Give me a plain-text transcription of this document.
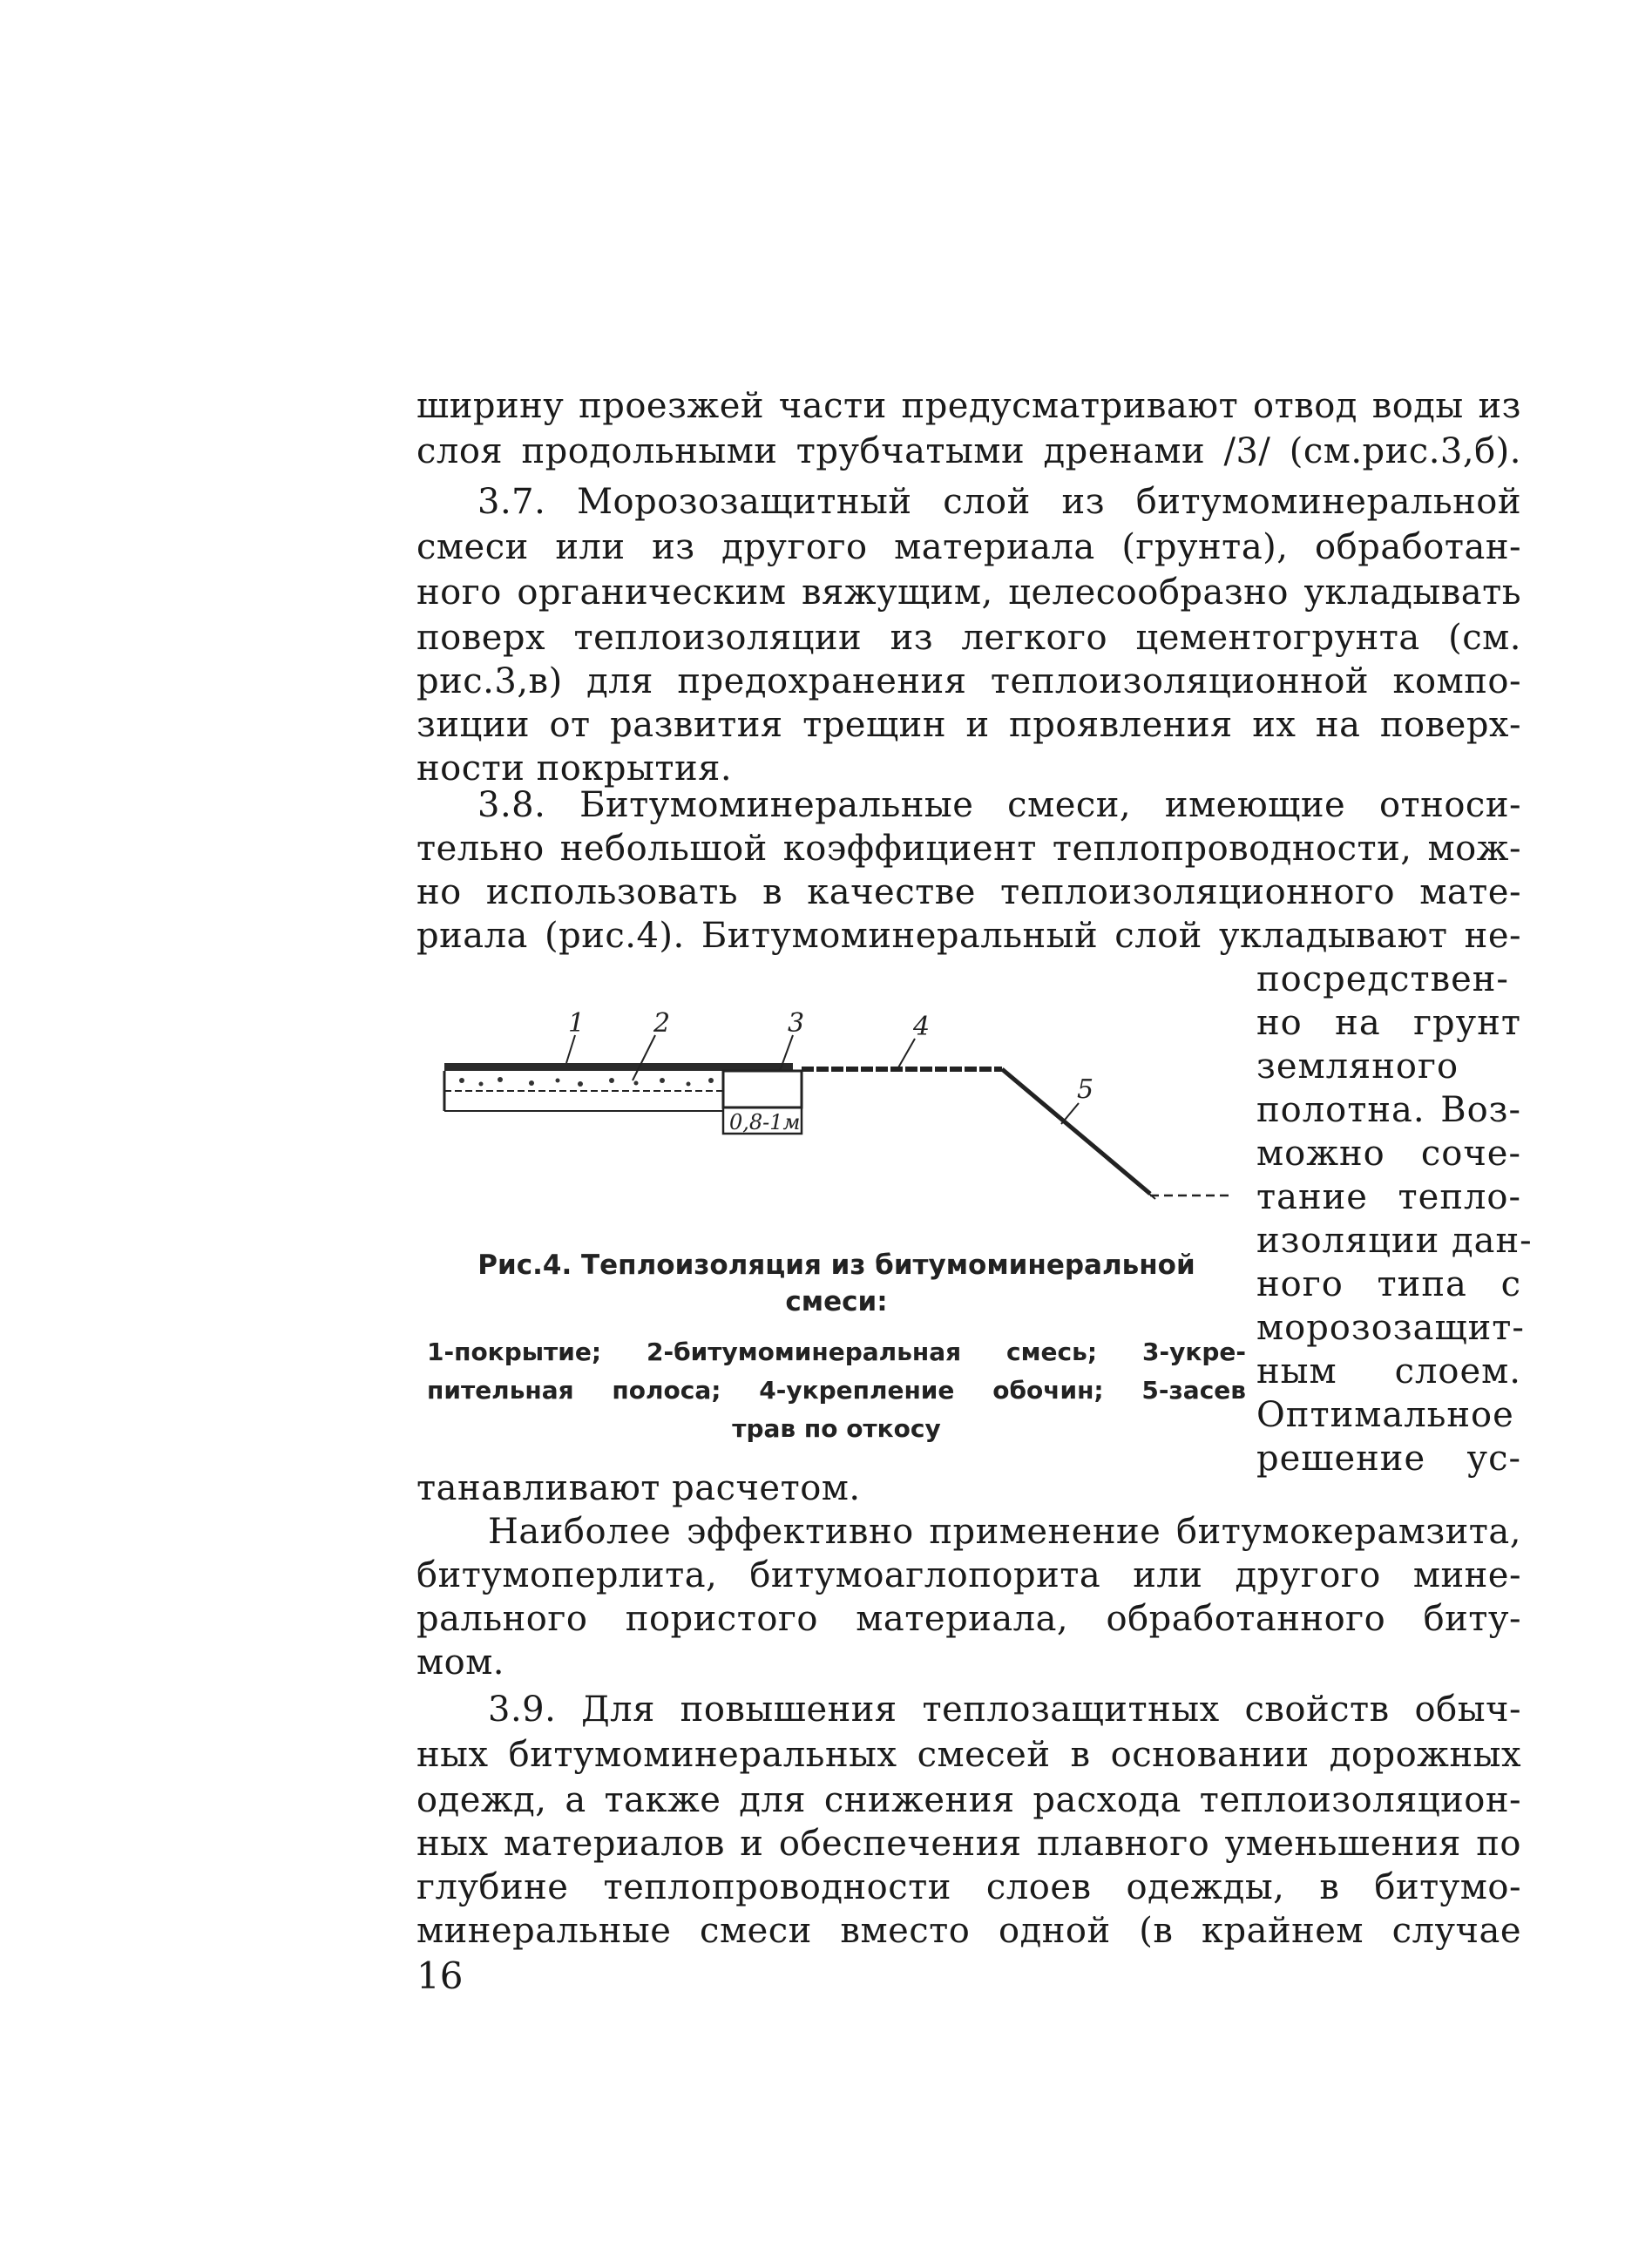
ширину проезжей части предусматривают отвод воды из
слоя продольными трубчатыми дренами /3/ (см.рис.3,б).
3.7. Морозозащитный слой из битумоминеральной
смеси или из другого материала (грунта), обработан-
ного органическим вяжущим, целесообразно укладывать
поверх теплоизоляции из легкого цементогрунта (см.
рис.3,в) для предохранения теплоизоляционной компо-
зиции от развития трещин и проявления их на поверх-
ности покрытия.
3.8. Битумоминеральные смеси, имеющие относи-
тельно небольшой коэффициент теплопроводности, мож-
но использовать в качестве теплоизоляционного мате-
риала (рис.4). Битумоминеральный слой укладывают не-
посредствен-
но на грунт
земляного
полотна. Воз-
можно соче-
тание тепло-
изоляции дан-
ного типа с
морозозащит-
ным слоем.
Оптимальное
решение ус-
0,8-1м
1	2	3	4
5
Рис.4. Теплоизоляция из битумоминеральной
смеси:
1-покрытие; 2-битумоминеральная смесь; 3-укре-
пительная полоса; 4-укрепление обочин; 5-засев
трав по откосу
танавливают расчетом.
Наиболее эффективно применение битумокерамзита,
битумоперлита, битумоаглопорита или другого мине-
рального пористого материала, обработанного биту-
мом.
3.9. Для повышения теплозащитных свойств обыч-
ных битумоминеральных смесей в основании дорожных
одежд, а также для снижения расхода теплоизоляцион-
ных материалов и обеспечения плавного уменьшения по
глубине теплопроводности слоев одежды, в битумо-
минеральные смеси вместо одной (в крайнем случае
16
